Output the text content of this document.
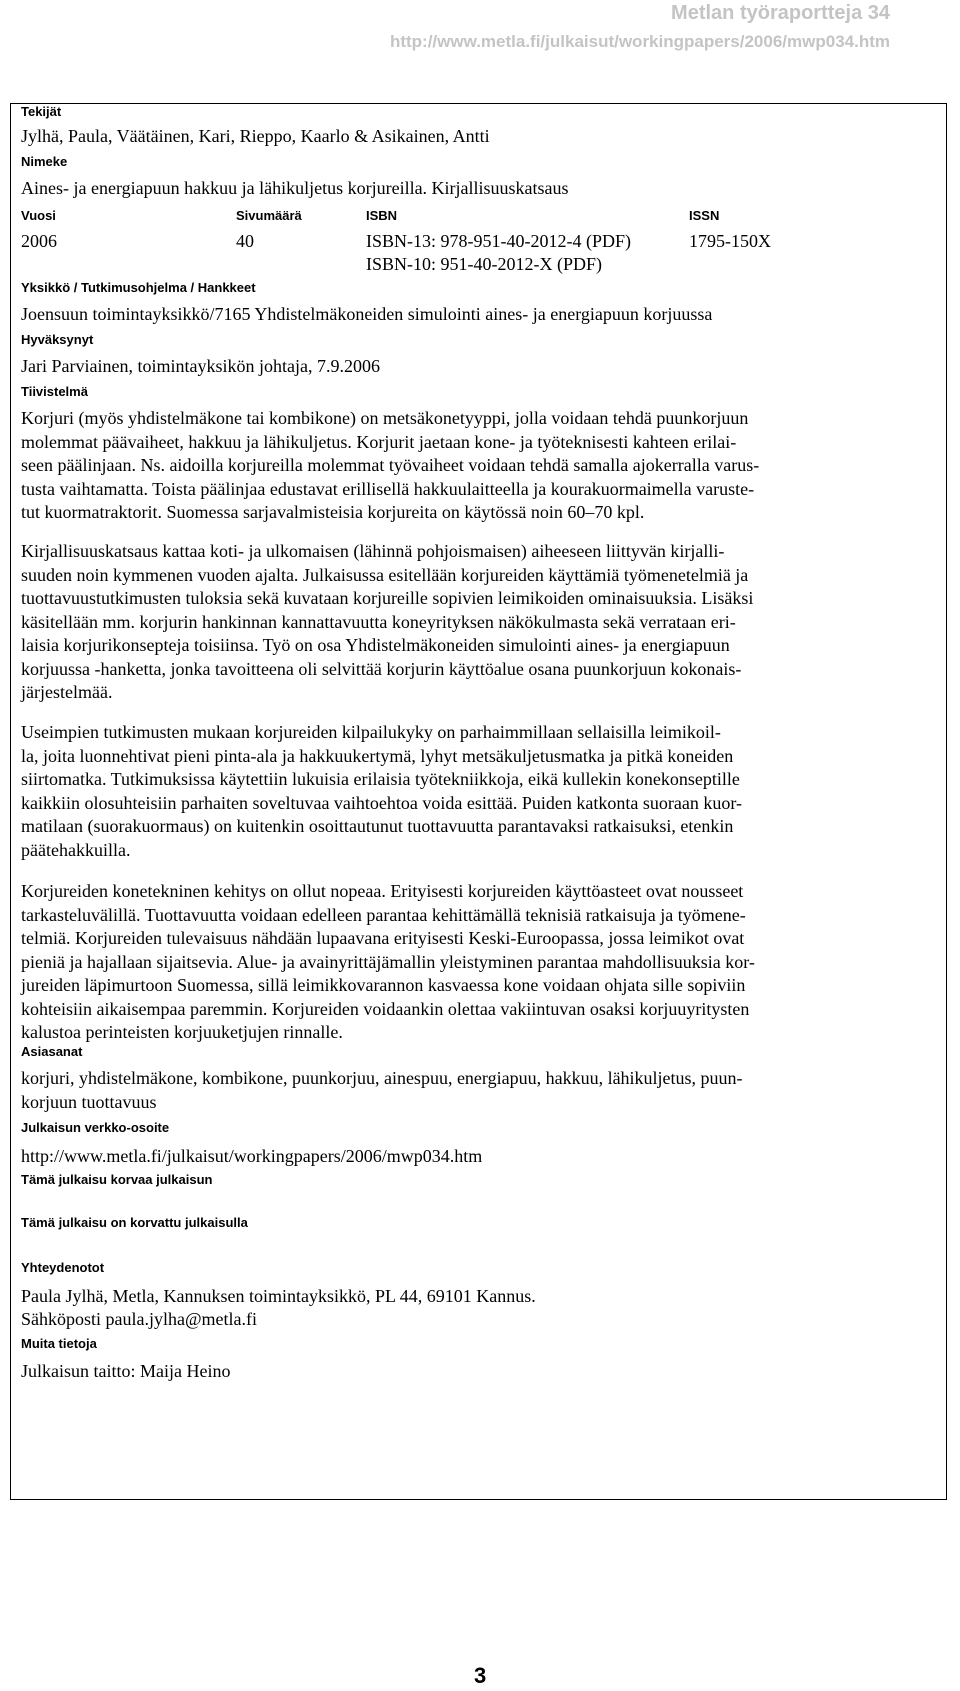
Metlan työraportteja 34
http://www.metla.fi/julkaisut/workingpapers/2006/mwp034.htm
Tekijät
Jylhä, Paula, Väätäinen, Kari, Rieppo, Kaarlo & Asikainen, Antti
Nimeke
Aines- ja energiapuun hakkuu ja lähikuljetus korjureilla. Kirjallisuuskatsaus
Vuosi
2006
Sivumäärä
40
ISBN
ISBN-13: 978-951-40-2012-4 (PDF)
ISBN-10: 951-40-2012-X (PDF)
ISSN
1795-150X
Yksikkö / Tutkimusohjelma / Hankkeet
Joensuun toimintayksikkö/7165 Yhdistelmäkoneiden simulointi aines- ja energiapuun korjuussa
Hyväksynyt
Jari Parviainen, toimintayksikön johtaja, 7.9.2006
Tiivistelmä

Korjuri (myös yhdistelmäkone tai kombikone) on metsäkonetyyppi, jolla voidaan tehdä puunkorjuun
molemmat päävaiheet, hakkuu ja lähikuljetus. Korjurit jaetaan kone- ja työteknisesti kahteen erilai-
seen päälinjaan. Ns. aidoilla korjureilla molemmat työvaiheet voidaan tehdä samalla ajokerralla varus-
tusta vaihtamatta. Toista päälinjaa edustavat erillisellä hakkuulaitteella ja kourakuormaimella varuste-
tut kuormatraktorit. Suomessa sarjavalmisteisia korjureita on käytössä noin 60–70 kpl.

Kirjallisuuskatsaus kattaa koti- ja ulkomaisen (lähinnä pohjoismaisen) aiheeseen liittyvän kirjalli-
suuden noin kymmenen vuoden ajalta. Julkaisussa esitellään korjureiden käyttämiä työmenetelmiä ja
tuottavuustutkimusten tuloksia sekä kuvataan korjureille sopivien leimikoiden ominaisuuksia. Lisäksi
käsitellään mm. korjurin hankinnan kannattavuutta koneyrityksen näkökulmasta sekä verrataan eri-
laisia korjurikonsepteja toisiinsa. Työ on osa Yhdistelmäkoneiden simulointi aines- ja energiapuun
korjuussa -hanketta, jonka tavoitteena oli selvittää korjurin käyttöalue osana puunkorjuun kokonais-
järjestelmää.

Useimpien tutkimusten mukaan korjureiden kilpailukyky on parhaimmillaan sellaisilla leimikoil-
la, joita luonnehtivat pieni pinta-ala ja hakkuukertymä, lyhyt metsäkuljetusmatka ja pitkä koneiden
siirtomatka. Tutkimuksissa käytettiin lukuisia erilaisia työtekniikkoja, eikä kullekin konekonseptille
kaikkiin olosuhteisiin parhaiten soveltuvaa vaihtoehtoa voida esittää. Puiden katkonta suoraan kuor-
matilaan (suorakuormaus) on kuitenkin osoittautunut tuottavuutta parantavaksi ratkaisuksi, etenkin
päätehakkuilla.

Korjureiden konetekninen kehitys on ollut nopeaa. Erityisesti korjureiden käyttöasteet ovat nousseet
tarkasteluvälillä. Tuottavuutta voidaan edelleen parantaa kehittämällä teknisiä ratkaisuja ja työmene-
telmiä. Korjureiden tulevaisuus nähdään lupaavana erityisesti Keski-Euroopassa, jossa leimikot ovat
pieniä ja hajallaan sijaitsevia. Alue- ja avainyrittäjämallin yleistyminen parantaa mahdollisuuksia kor-
jureiden läpimurtoon Suomessa, sillä leimikkovarannon kasvaessa kone voidaan ohjata sille sopiviin
kohteisiin aikaisempaa paremmin. Korjureiden voidaankin olettaa vakiintuvan osaksi korjuuyritysten
kalustoa perinteisten korjuuketjujen rinnalle.

Asiasanat

korjuri, yhdistelmäkone, kombikone, puunkorjuu, ainespuu, energiapuu, hakkuu, lähikuljetus, puun-
korjuun tuottavuus

Julkaisun verkko-osoite
http://www.metla.fi/julkaisut/workingpapers/2006/mwp034.htm
Tämä julkaisu korvaa julkaisun
Tämä julkaisu on korvattu julkaisulla
Yhteydenotot
Paula Jylhä, Metla, Kannuksen toimintayksikkö, PL 44, 69101 Kannus.
Sähköposti paula.jylha@metla.fi
Muita tietoja
Julkaisun taitto: Maija Heino
3
